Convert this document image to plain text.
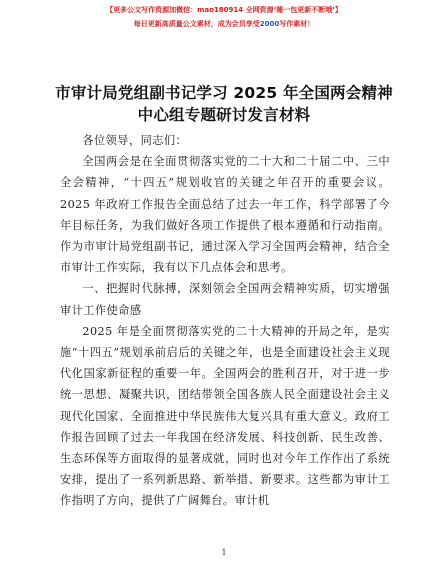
【更多公文写作资源加微信：mao180914 全网资源‘睡一包更新不断哦’】
每日更新高质量公文素材，成为会员享受2000写作素材！
市审计局党组副书记学习 2025 年全国两会精神
中心组专题研讨发言材料

各位领导，同志们：

全国两会是在全面贯彻落实党的二十大和二十届二中、三中全会精神，“十四五”规划收官的关键之年召开的重要会议。2025 年政府工作报告全面总结了过去一年工作，科学部署了今年目标任务，为我们做好各项工作提供了根本遵循和行动指南。作为市审计局党组副书记，通过深入学习全国两会精神，结合全市审计工作实际，我有以下几点体会和思考。

一、把握时代脉搏，深刻领会全国两会精神实质，切实增强审计工作使命感

2025 年是全面贯彻落实党的二十大精神的开局之年，是实施“十四五”规划承前启后的关键之年，也是全面建设社会主义现代化国家新征程的重要一年。全国两会的胜利召开，对于进一步统一思想、凝聚共识，团结带领全国各族人民全面建设社会主义现代化国家、全面推进中华民族伟大复兴具有重大意义。政府工作报告回顾了过去一年我国在经济发展、科技创新、民生改善、生态环保等方面取得的显著成就，同时也对今年工作作出了系统安排，提出了一系列新思路、新举措、新要求。这些都为审计工作指明了方向，提供了广阔舞台。审计机

1
